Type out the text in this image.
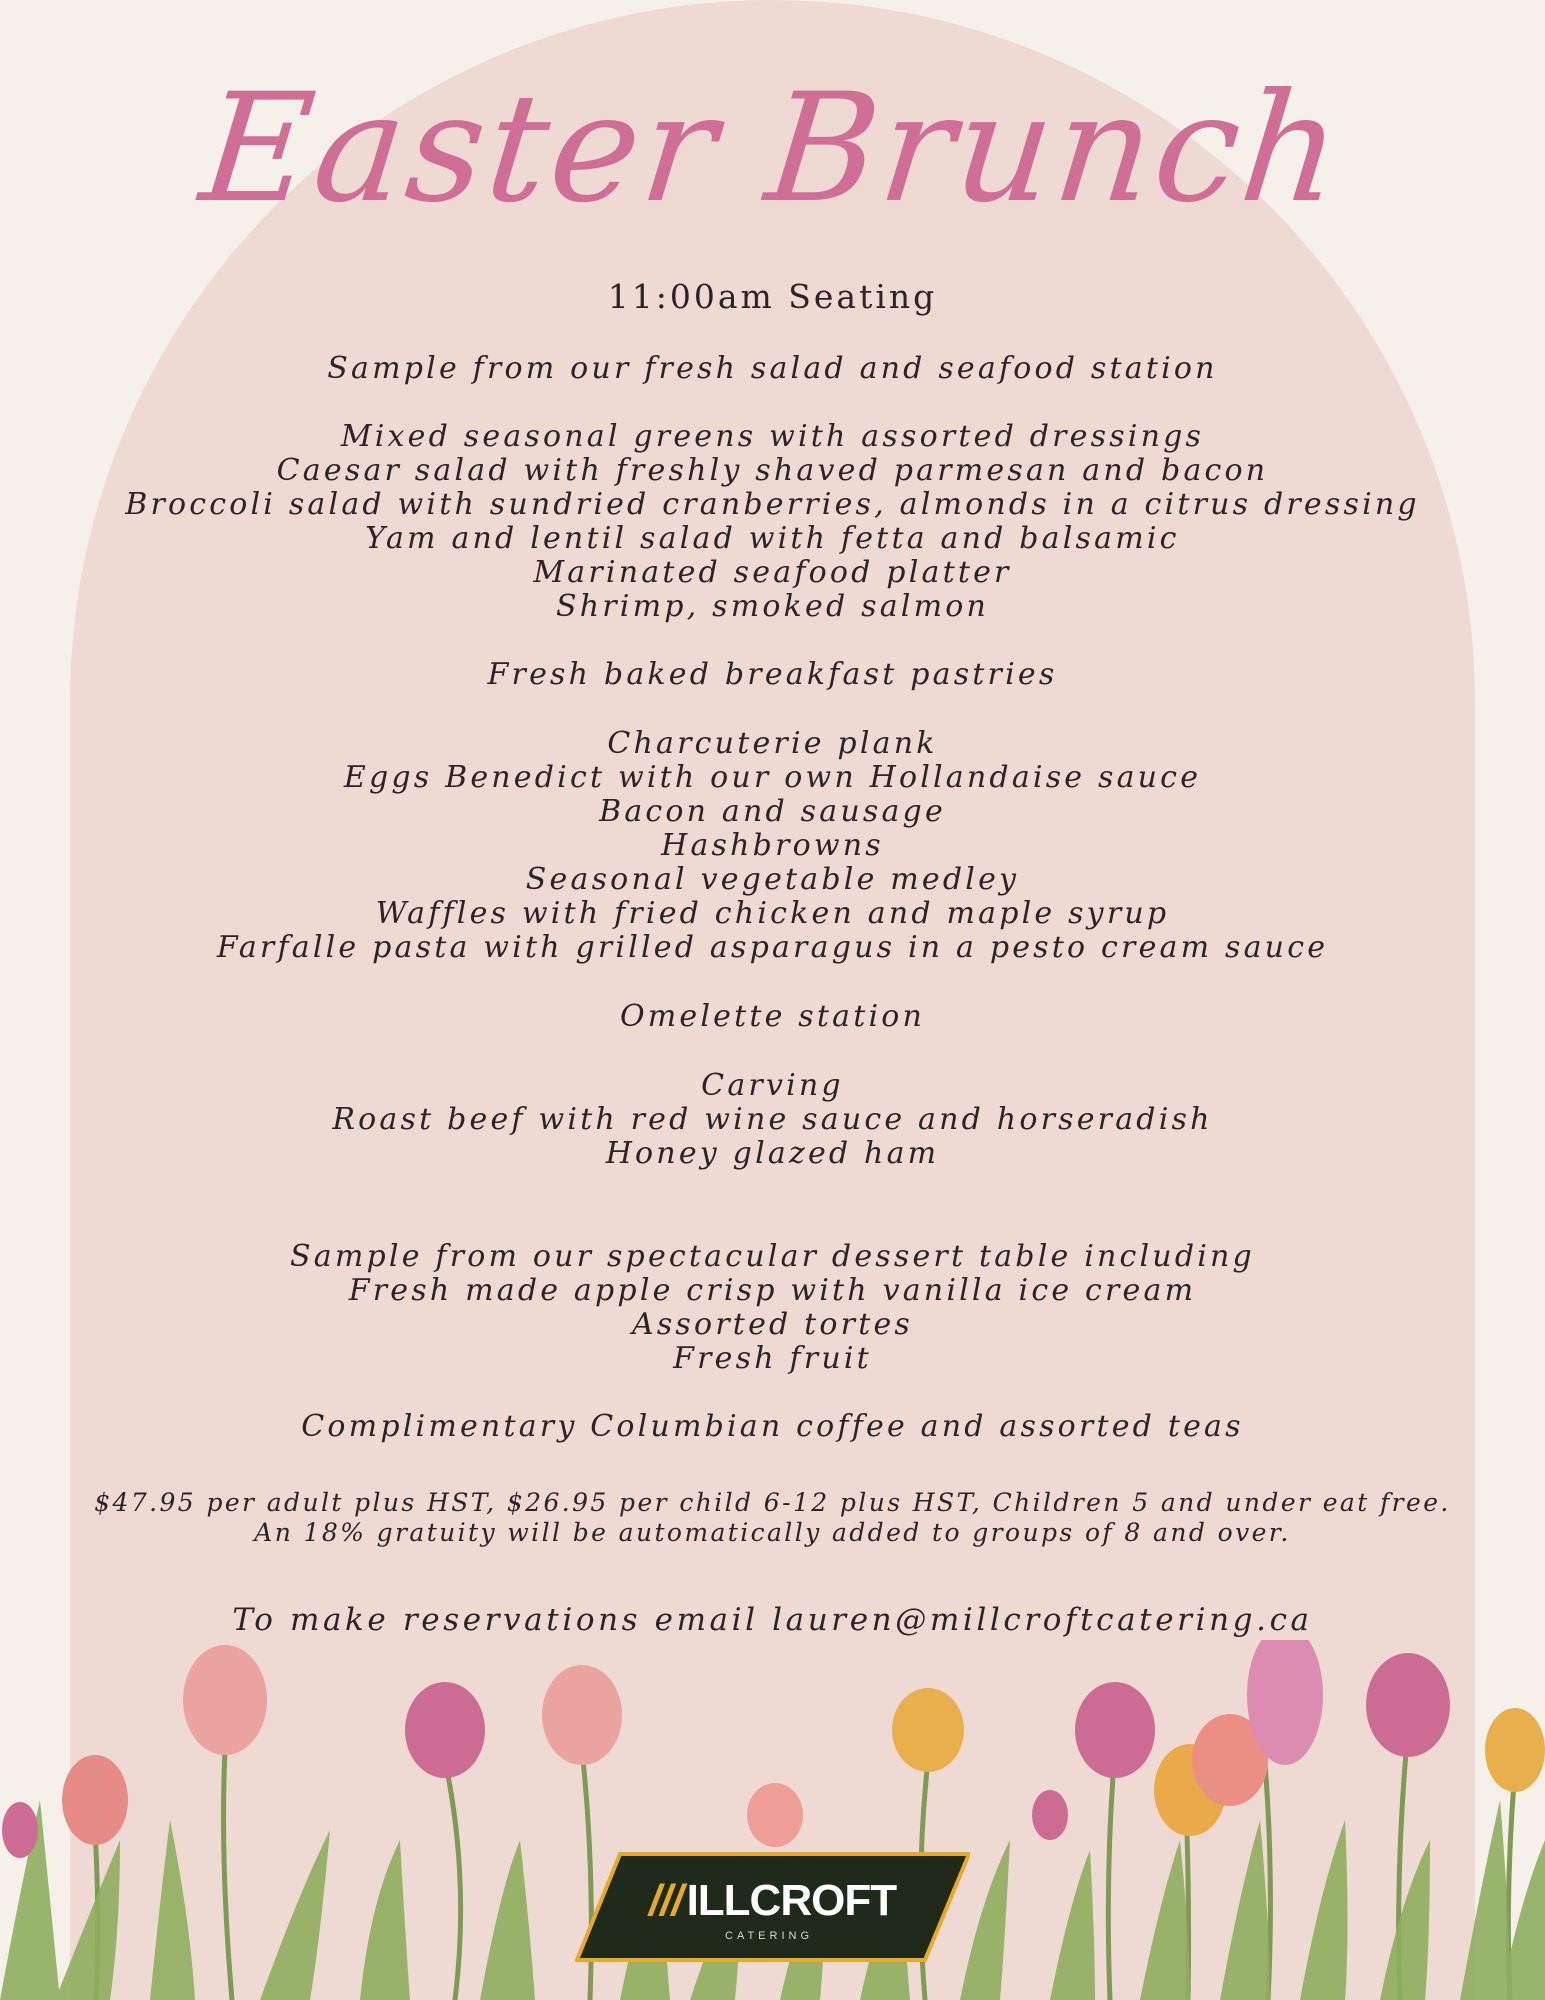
Easter Brunch
11:00am Seating
Sample from our fresh salad and seafood station
Mixed seasonal greens with assorted dressings
Caesar salad with freshly shaved parmesan and bacon
Broccoli salad with sundried cranberries, almonds in a citrus dressing
Yam and lentil salad with fetta and balsamic
Marinated seafood platter
Shrimp, smoked salmon
Fresh baked breakfast pastries
Charcuterie plank
Eggs Benedict with our own Hollandaise sauce
Bacon and sausage
Hashbrowns
Seasonal vegetable medley
Waffles with fried chicken and maple syrup
Farfalle pasta with grilled asparagus in a pesto cream sauce
Omelette station
Carving
Roast beef with red wine sauce and horseradish
Honey glazed ham
Sample from our spectacular dessert table including
Fresh made apple crisp with vanilla ice cream
Assorted tortes
Fresh fruit
Complimentary Columbian coffee and assorted teas
$47.95 per adult plus HST, $26.95 per child 6-12 plus HST, Children 5 and under eat free.
An 18% gratuity will be automatically added to groups of 8 and over.
To make reservations email lauren@millcroftcatering.ca
///ILLCROFT
CATERING
